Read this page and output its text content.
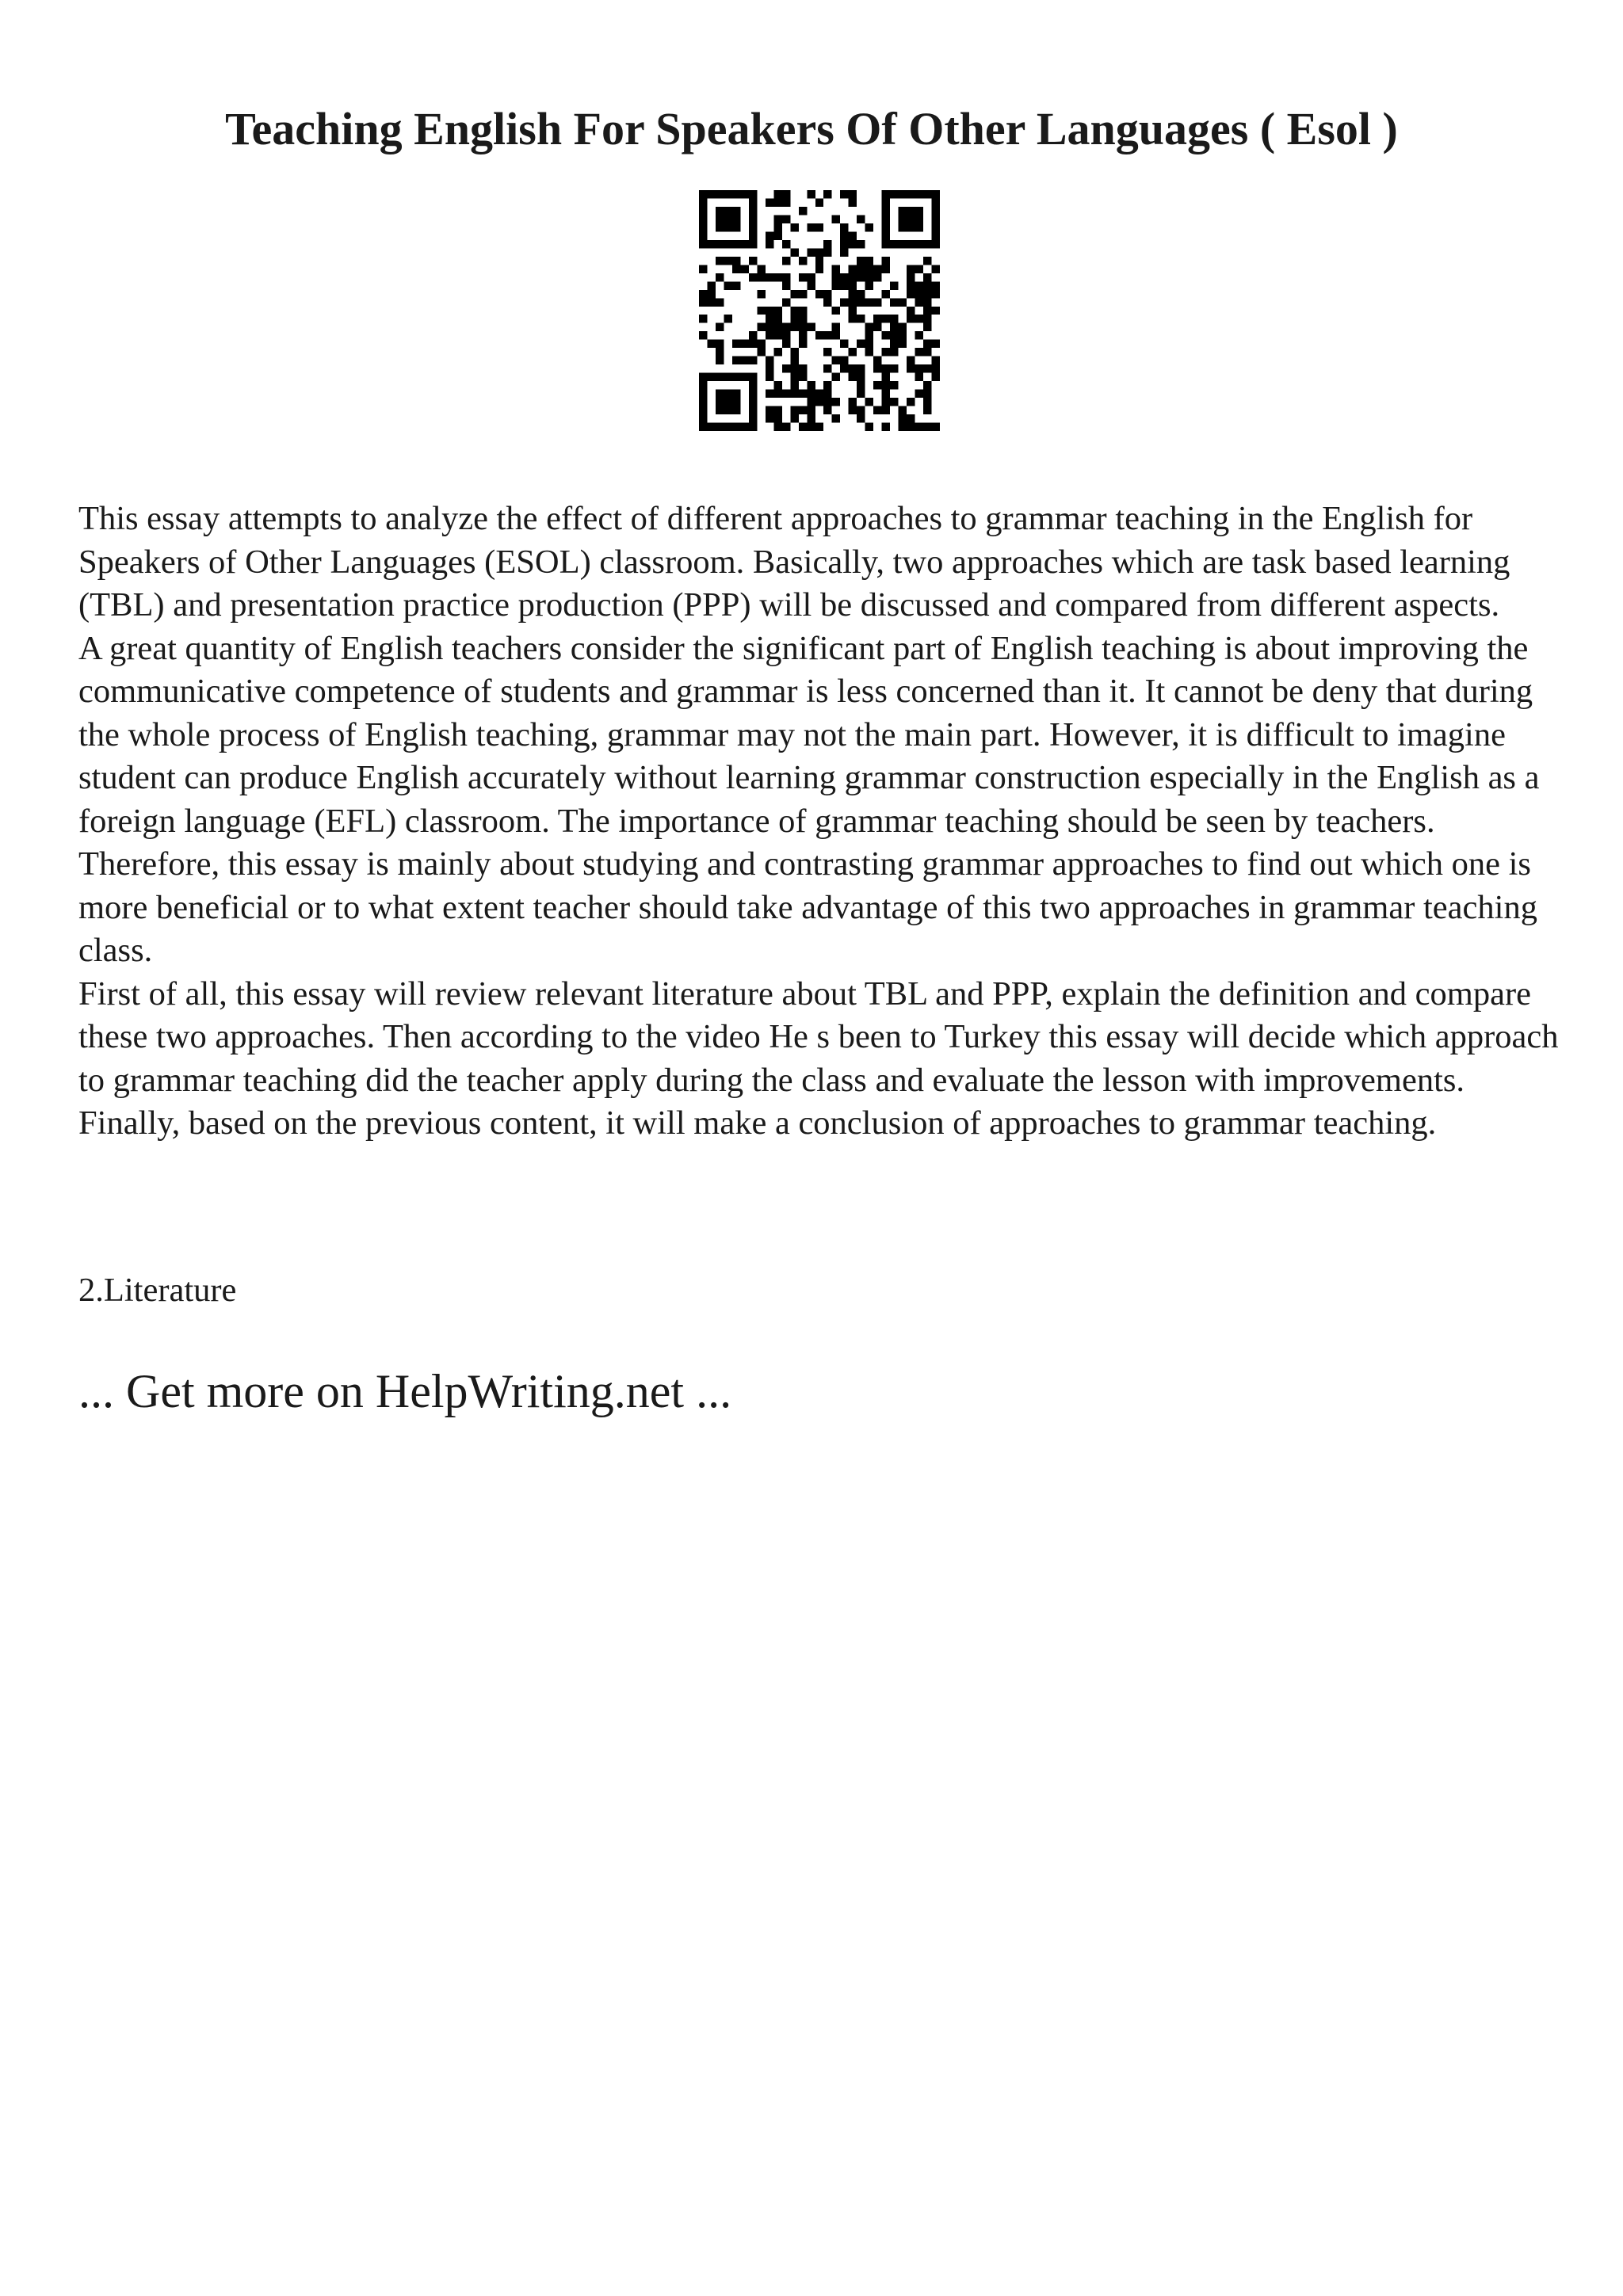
Teaching English For Speakers Of Other Languages ( Esol )

This essay attempts to analyze the effect of different approaches to grammar teaching in the English for Speakers of Other Languages (ESOL) classroom. Basically, two approaches which are task based learning (TBL) and presentation practice production (PPP) will be discussed and compared from different aspects.

A great quantity of English teachers consider the significant part of English teaching is about improving the communicative competence of students and grammar is less concerned than it. It cannot be deny that during the whole process of English teaching, grammar may not the main part. However, it is difficult to imagine student can produce English accurately without learning grammar construction especially in the English as a foreign language (EFL) classroom. The importance of grammar teaching should be seen by teachers. Therefore, this essay is mainly about studying and contrasting grammar approaches to find out which one is more beneficial or to what extent teacher should take advantage of this two approaches in grammar teaching class.

First of all, this essay will review relevant literature about TBL and PPP, explain the definition and compare these two approaches. Then according to the video He s been to Turkey this essay will decide which approach to grammar teaching did the teacher apply during the class and evaluate the lesson with improvements. Finally, based on the previous content, it will make a conclusion of approaches to grammar teaching.

2.Literature
... Get more on HelpWriting.net ...
